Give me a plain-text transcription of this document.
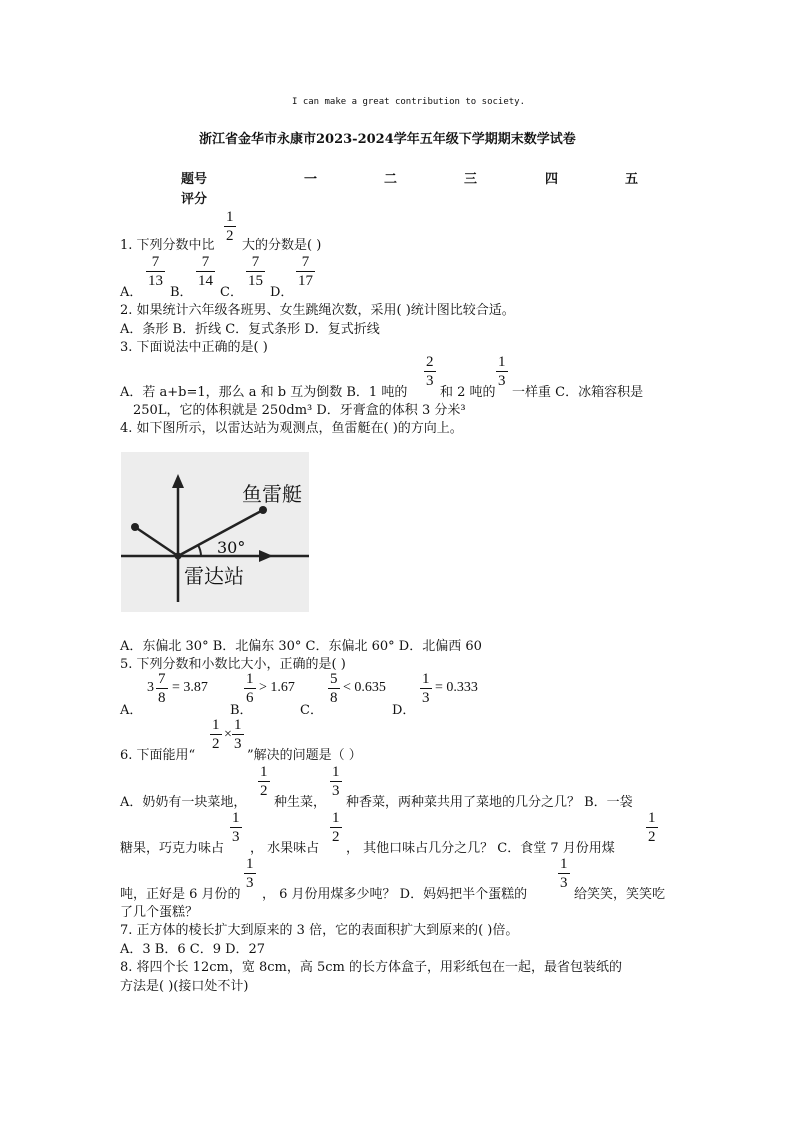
I can make a great contribution to society.
浙江省金华市永康市2023-2024学年五年级下学期期末数学试卷
题号	一	二	三	四	五
评分
1. 下列分数中比
$\frac{1}{2}$
大的分数是( )
A．
$\frac{7}{13}$
B．
$\frac{7}{14}$
C．
$\frac{7}{15}$
D．
$\frac{7}{17}$
2. 如果统计六年级各班男、女生跳绳次数，采用( )统计图比较合适。
A．条形 B．折线 C．复式条形 D．复式折线
3. 下面说法中正确的是( )
A．若 a+b=1，那么 a 和 b 互为倒数 B．1 吨的
$\frac{2}{3}$
和 2 吨的
$\frac{1}{3}$
一样重 C．冰箱容积是
250L，它的体积就是 250dm³ D．牙膏盒的体积 3 分米³
4. 如下图所示，以雷达站为观测点，鱼雷艇在( )的方向上。
鱼雷艇
30°
雷达站
A．东偏北 30° B．北偏东 30° C．东偏北 60° D．北偏西 60
5. 下列分数和小数比大小，正确的是( )
A．
$3 \frac{7}{8} = 3.87$
B．
$\frac{1}{6} > 1.67$
C．
$\frac{5}{8} < 0.635$
D．
$\frac{1}{3} = 0.333$
6. 下面能用“
$\frac{1}{2} \times \frac{1}{3}$
”解决的问题是（ ）
A．奶奶有一块菜地，
$\frac{1}{2}$
种生菜，
$\frac{1}{3}$
种香菜，两种菜共用了菜地的几分之几？ B．一袋
糖果，巧克力味占
$\frac{1}{3}$
， 水果味占
$\frac{1}{2}$
， 其他口味占几分之几？ C．食堂 7 月份用煤
$\frac{1}{2}$
吨，正好是 6 月份的
$\frac{1}{3}$
， 6 月份用煤多少吨？ D．妈妈把半个蛋糕的
$\frac{1}{3}$
给笑笑，笑笑吃
了几个蛋糕？
7. 正方体的棱长扩大到原来的 3 倍，它的表面积扩大到原来的( )倍。
A．3 B．6 C．9 D．27
8. 将四个长 12cm，宽 8cm，高 5cm 的长方体盒子，用彩纸包在一起，最省包装纸的
方法是( )(接口处不计)
